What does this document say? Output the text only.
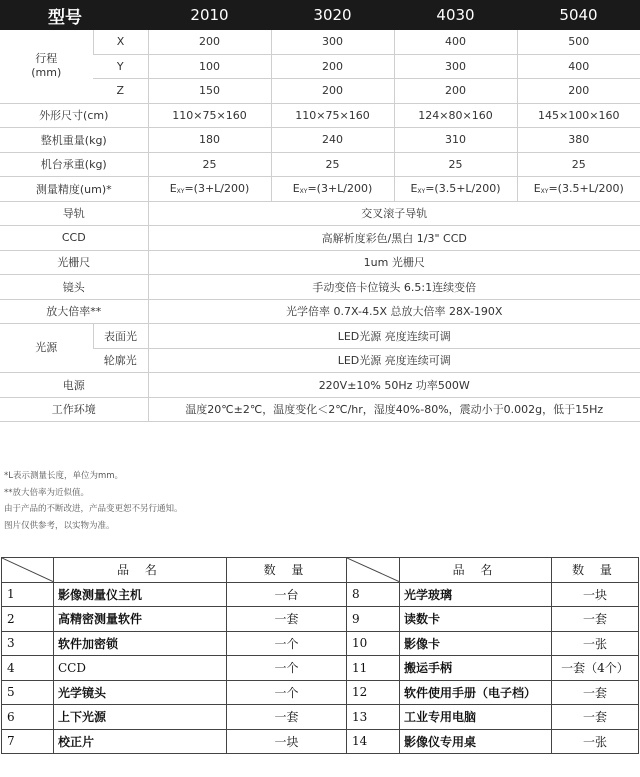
型号		2010	3020	4030	5040

行程
(mm)	X	200	300	400	500
	Y	100	200	300	400
	Z	150	200	200	200
外形尺寸(cm)		110×75×160	110×75×160	124×80×160	145×100×160
整机重量(kg)		180	240	310	380
机台承重(kg)		25	25	25	25
测量精度(um)*		EXY=(3+L/200)	EXY=(3+L/200)	EXY=(3.5+L/200)	EXY=(3.5+L/200)
导轨		交叉滚子导轨			
CCD		高解析度彩色/黑白 1/3" CCD			
光栅尺		1um 光栅尺			
镜头		手动变倍卡位镜头 6.5:1连续变倍			
放大倍率**		光学倍率 0.7X-4.5X 总放大倍率 28X-190X			
光源	表面光	LED光源 亮度连续可调			
	轮廓光	LED光源 亮度连续可调			
电源		220V±10% 50Hz 功率500W			
工作环境		温度20℃±2℃，温度变化＜2℃/hr，湿度40%-80%，震动小于0.002g，低于15Hz			
*L表示测量长度，单位为mm。
**放大倍率为近似值。
由于产品的不断改进，产品变更恕不另行通知。
图片仅供参考，以实物为准。
	品 名	数 量		品 名	数 量
1	影像测量仪主机	一台	8	光学玻璃	一块
2	高精密测量软件	一套	9	读数卡	一套
3	软件加密锁	一个	10	影像卡	一张
4	CCD	一个	11	搬运手柄	一套（4个）
5	光学镜头	一个	12	软件使用手册（电子档）	一套
6	上下光源	一套	13	工业专用电脑	一套
7	校正片	一块	14	影像仪专用桌	一张
